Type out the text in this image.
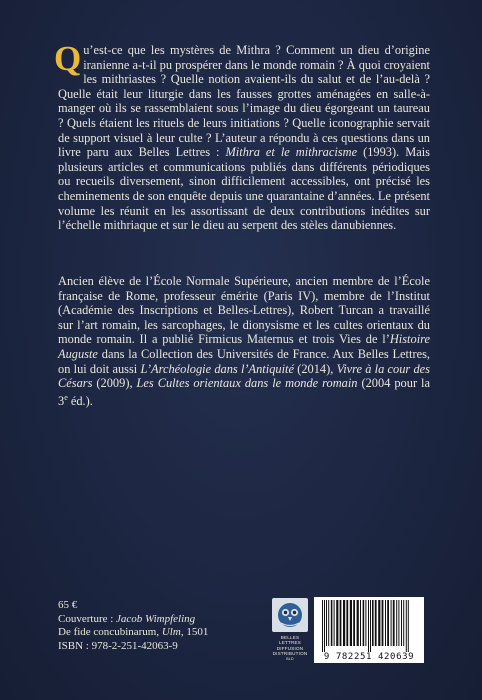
Qu’est-ce que les mystères de Mithra ? Comment un dieu d’origine iranienne a-t-il pu prospérer dans le monde romain ? À quoi croyaient les mithriastes ? Quelle notion avaient-ils du salut et de l’au-delà ? Quelle était leur liturgie dans les fausses grottes aménagées en salle-à-manger où ils se rassemblaient sous l’image du dieu égorgeant un taureau ? Quels étaient les rituels de leurs initiations ? Quelle iconographie servait de support visuel à leur culte ? L’auteur a répondu à ces questions dans un livre paru aux Belles Lettres : Mithra et le mithracisme (1993). Mais plusieurs articles et communications publiés dans différents périodiques ou recueils diversement, sinon difficilement accessibles, ont précisé les cheminements de son enquête depuis une quarantaine d’années. Le présent volume les réunit en les assortissant de deux contributions inédites sur l’échelle mithriaque et sur le dieu au serpent des stèles danubiennes.

Ancien élève de l’École Normale Supérieure, ancien membre de l’École française de Rome, professeur émérite (Paris IV), membre de l’Institut (Académie des Inscriptions et Belles-Lettres), Robert Turcan a travaillé sur l’art romain, les sarcophages, le dionysisme et les cultes orientaux du monde romain. Il a publié Firmicus Maternus et trois Vies de l’Histoire Auguste dans la Collection des Universités de France. Aux Belles Lettres, on lui doit aussi L’Archéologie dans l’Antiquité (2014), Vivre à la cour des Césars (2009), Les Cultes orientaux dans le monde romain (2004 pour la 3e éd.).

65 €
Couverture : Jacob Wimpfeling
De fide concubinarum, Ulm, 1501
ISBN : 978-2-251-42063-9
BELLES LETTRES
DIFFUSION
DISTRIBUTION
BLD	9 782251 420639
